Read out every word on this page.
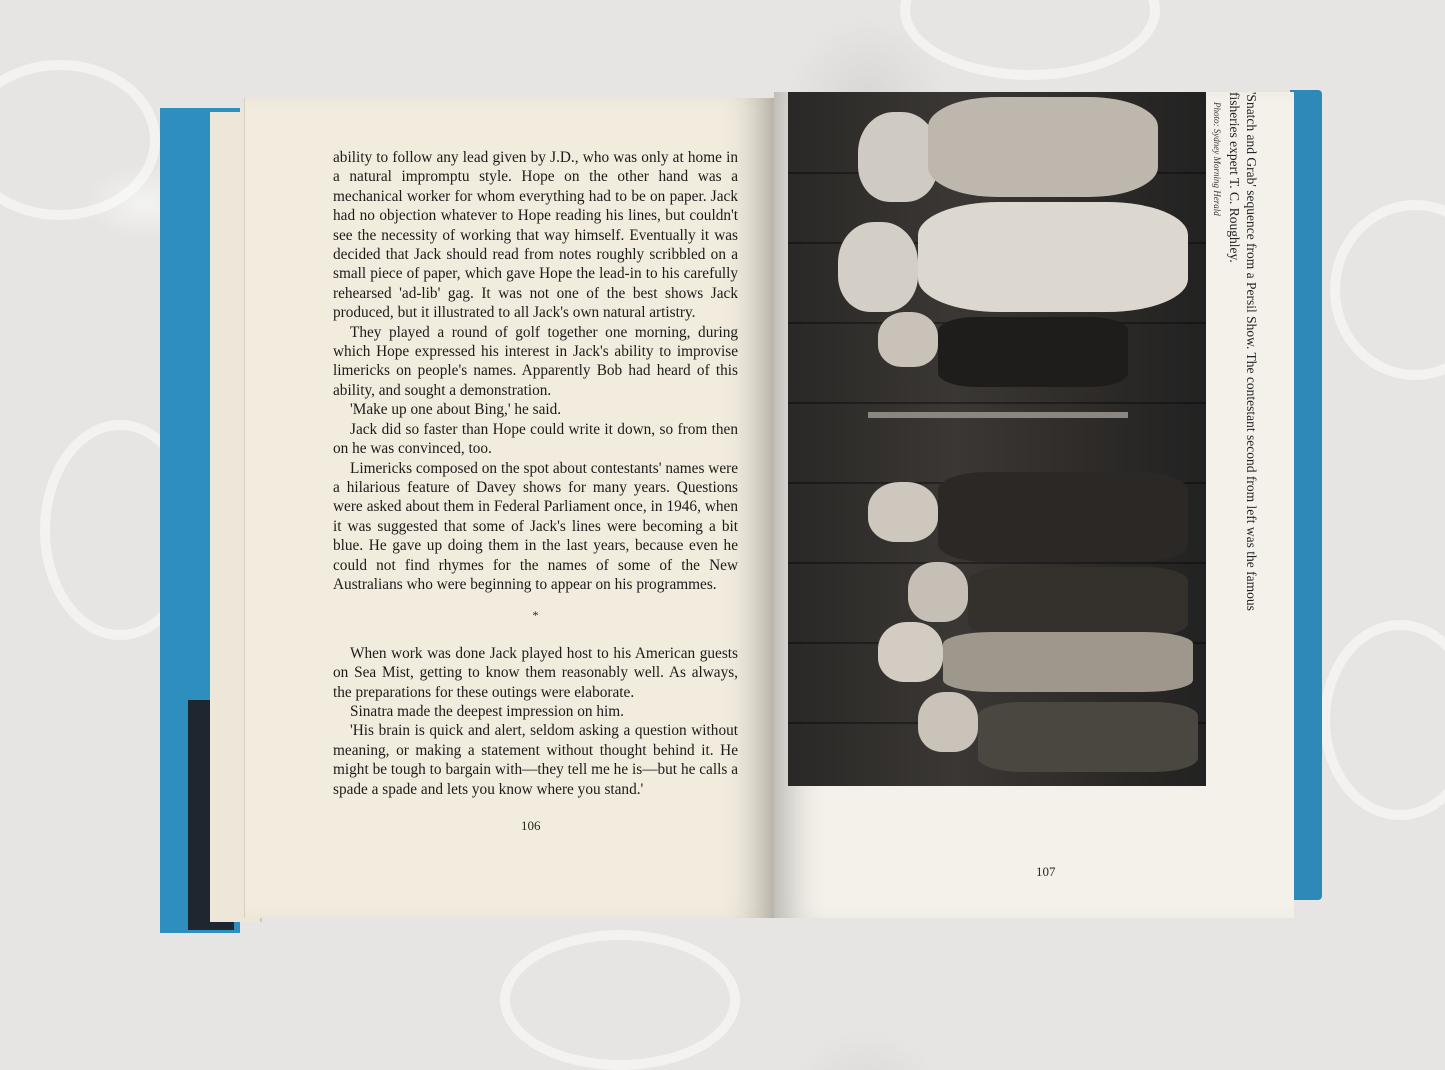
ability to follow any lead given by J.D., who was only at home in a natural impromptu style. Hope on the other hand was a mechanical worker for whom everything had to be on paper. Jack had no objection whatever to Hope reading his lines, but couldn't see the necessity of working that way himself. Eventually it was decided that Jack should read from notes roughly scribbled on a small piece of paper, which gave Hope the lead-in to his carefully rehearsed 'ad-lib' gag. It was not one of the best shows Jack produced, but it illustrated to all Jack's own natural artistry.

They played a round of golf together one morning, during which Hope expressed his interest in Jack's ability to improvise limericks on people's names. Apparently Bob had heard of this ability, and sought a demonstration.

'Make up one about Bing,' he said.

Jack did so faster than Hope could write it down, so from then on he was convinced, too.

Limericks composed on the spot about contestants' names were a hilarious feature of Davey shows for many years. Questions were asked about them in Federal Parliament once, in 1946, when it was suggested that some of Jack's lines were becoming a bit blue. He gave up doing them in the last years, because even he could not find rhymes for the names of some of the New Australians who were beginning to appear on his programmes.

*

When work was done Jack played host to his American guests on Sea Mist, getting to know them reasonably well. As always, the preparations for these outings were elaborate.

Sinatra made the deepest impression on him.

'His brain is quick and alert, seldom asking a question without meaning, or making a statement without thought behind it. He might be tough to bargain with—they tell me he is—but he calls a spade a spade and lets you know where you stand.'

106
Photo: Sydney Morning Herald 'Snatch and Grab' sequence from a Persil Show. The contestant second from left was the famous
fisheries expert T. C. Roughley.
107
